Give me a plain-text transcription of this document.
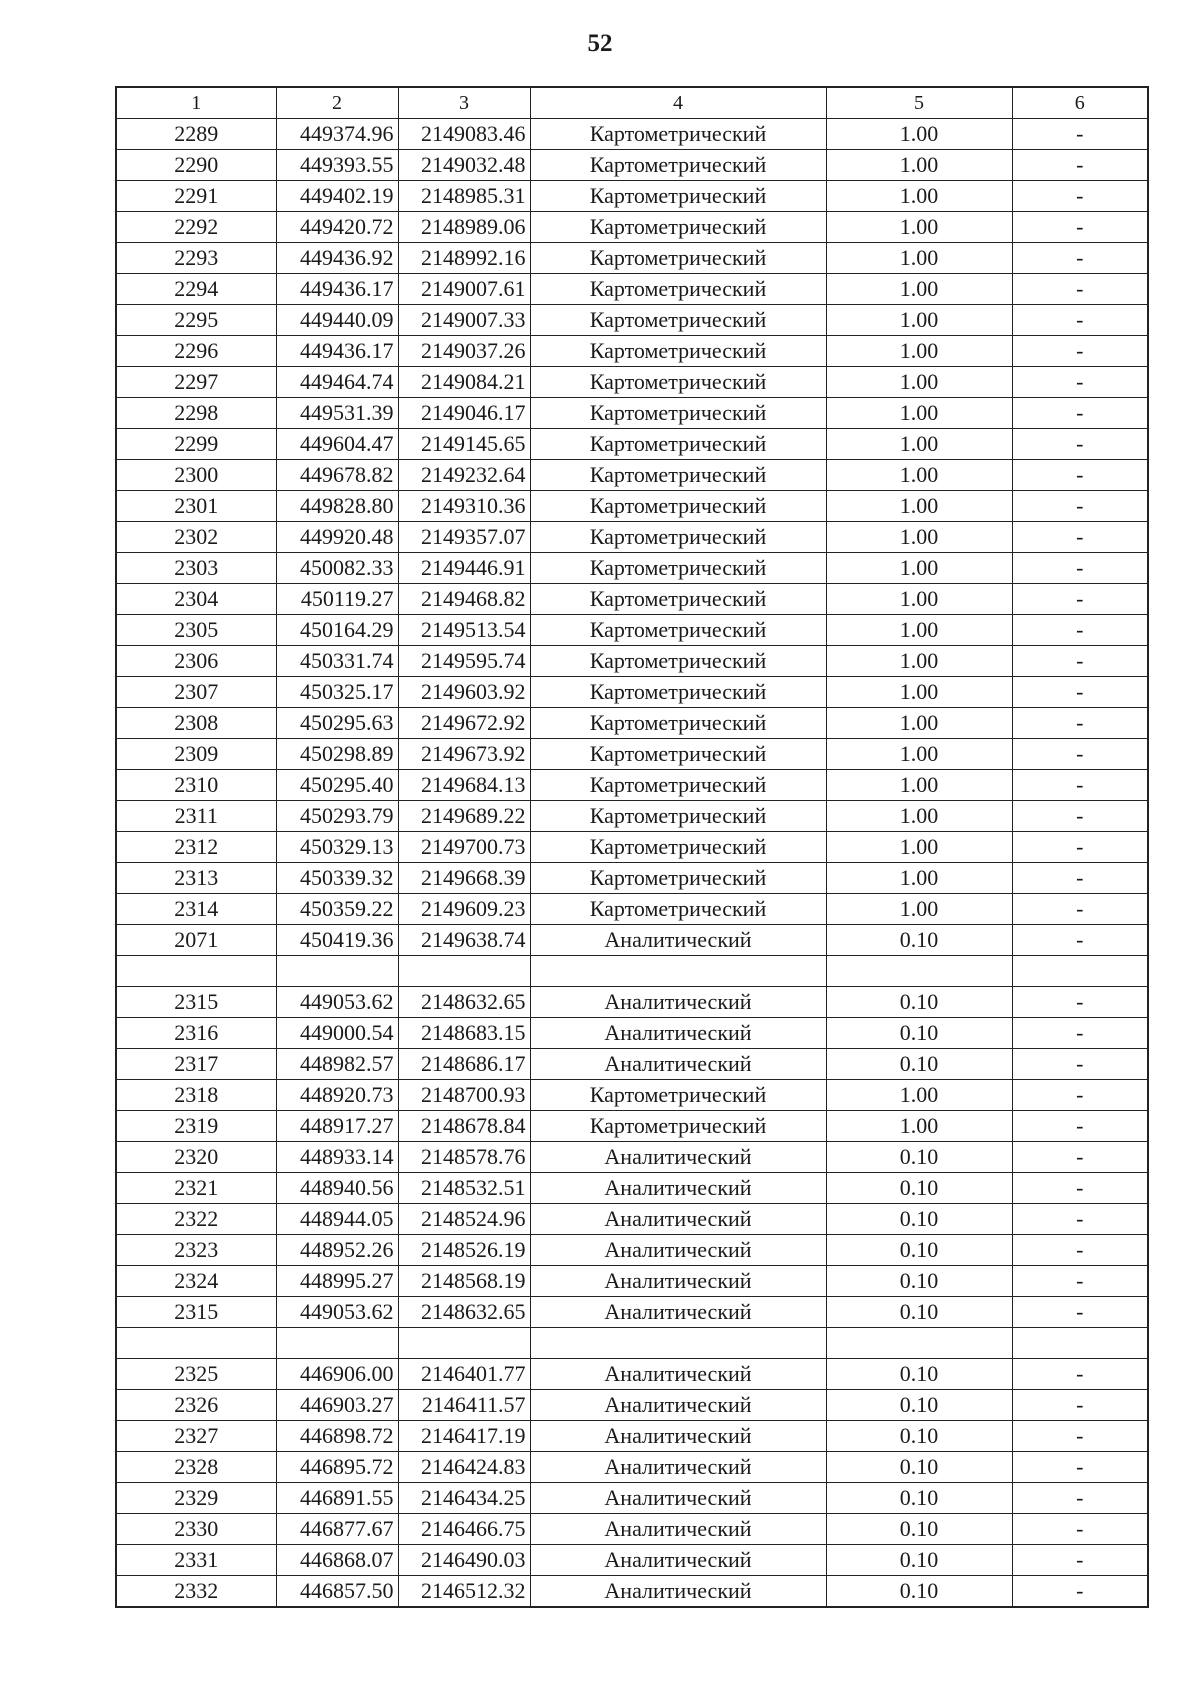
52
1	2	3	4	5	6
2289	449374.96	2149083.46	Картометрический	1.00	-
2290	449393.55	2149032.48	Картометрический	1.00	-
2291	449402.19	2148985.31	Картометрический	1.00	-
2292	449420.72	2148989.06	Картометрический	1.00	-
2293	449436.92	2148992.16	Картометрический	1.00	-
2294	449436.17	2149007.61	Картометрический	1.00	-
2295	449440.09	2149007.33	Картометрический	1.00	-
2296	449436.17	2149037.26	Картометрический	1.00	-
2297	449464.74	2149084.21	Картометрический	1.00	-
2298	449531.39	2149046.17	Картометрический	1.00	-
2299	449604.47	2149145.65	Картометрический	1.00	-
2300	449678.82	2149232.64	Картометрический	1.00	-
2301	449828.80	2149310.36	Картометрический	1.00	-
2302	449920.48	2149357.07	Картометрический	1.00	-
2303	450082.33	2149446.91	Картометрический	1.00	-
2304	450119.27	2149468.82	Картометрический	1.00	-
2305	450164.29	2149513.54	Картометрический	1.00	-
2306	450331.74	2149595.74	Картометрический	1.00	-
2307	450325.17	2149603.92	Картометрический	1.00	-
2308	450295.63	2149672.92	Картометрический	1.00	-
2309	450298.89	2149673.92	Картометрический	1.00	-
2310	450295.40	2149684.13	Картометрический	1.00	-
2311	450293.79	2149689.22	Картометрический	1.00	-
2312	450329.13	2149700.73	Картометрический	1.00	-
2313	450339.32	2149668.39	Картометрический	1.00	-
2314	450359.22	2149609.23	Картометрический	1.00	-
2071	450419.36	2149638.74	Аналитический	0.10	-

2315	449053.62	2148632.65	Аналитический	0.10	-
2316	449000.54	2148683.15	Аналитический	0.10	-
2317	448982.57	2148686.17	Аналитический	0.10	-
2318	448920.73	2148700.93	Картометрический	1.00	-
2319	448917.27	2148678.84	Картометрический	1.00	-
2320	448933.14	2148578.76	Аналитический	0.10	-
2321	448940.56	2148532.51	Аналитический	0.10	-
2322	448944.05	2148524.96	Аналитический	0.10	-
2323	448952.26	2148526.19	Аналитический	0.10	-
2324	448995.27	2148568.19	Аналитический	0.10	-
2315	449053.62	2148632.65	Аналитический	0.10	-

2325	446906.00	2146401.77	Аналитический	0.10	-
2326	446903.27	2146411.57	Аналитический	0.10	-
2327	446898.72	2146417.19	Аналитический	0.10	-
2328	446895.72	2146424.83	Аналитический	0.10	-
2329	446891.55	2146434.25	Аналитический	0.10	-
2330	446877.67	2146466.75	Аналитический	0.10	-
2331	446868.07	2146490.03	Аналитический	0.10	-
2332	446857.50	2146512.32	Аналитический	0.10	-
